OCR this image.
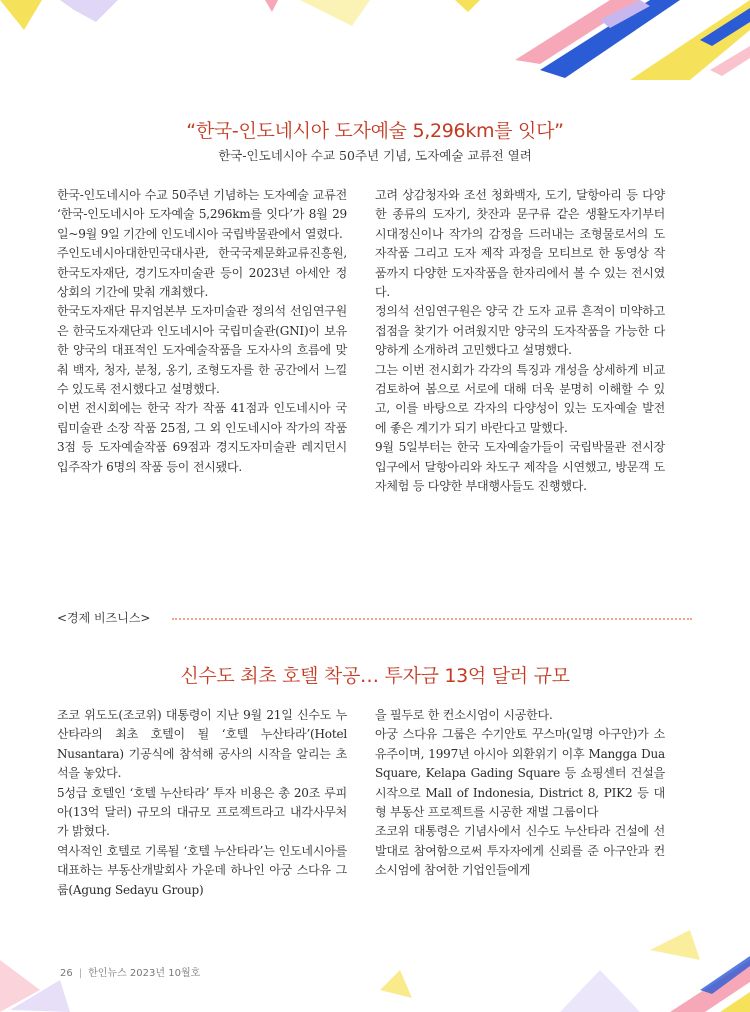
“한국-인도네시아 도자예술 5,296km를 잇다”
한국-인도네시아 수교 50주년 기념, 도자예술 교류전 열려

한국-인도네시아 수교 50주년 기념하는 도자예술 교류전 ‘한국-인도네시아 도자예술 5,296km를 잇다’가 8월 29일~9월 9일 기간에 인도네시아 국립박물관에서 열렸다.

주인도네시아대한민국대사관, 한국국제문화교류진흥원, 한국도자재단, 경기도자미술관 등이 2023년 아세안 정상회의 기간에 맞춰 개최했다.

한국도자재단 뮤지엄본부 도자미술관 정의석 선임연구원은 한국도자재단과 인도네시아 국립미술관(GNI)이 보유한 양국의 대표적인 도자예술작품을 도자사의 흐름에 맞춰 백자, 청자, 분청, 옹기, 조형도자를 한 공간에서 느낄 수 있도록 전시했다고 설명했다.

이번 전시회에는 한국 작가 작품 41점과 인도네시아 국립미술관 소장 작품 25점, 그 외 인도네시아 작가의 작품 3점 등 도자예술작품 69점과 경지도자미술관 레지던시 입주작가 6명의 작품 등이 전시됐다.

고려 상감청자와 조선 청화백자, 도기, 달항아리 등 다양한 종류의 도자기, 찻잔과 문구류 같은 생활도자기부터 시대정신이나 작가의 감정을 드러내는 조형물로서의 도자작품 그리고 도자 제작 과정을 모티브로 한 동영상 작품까지 다양한 도자작품을 한자리에서 볼 수 있는 전시였다.

정의석 선임연구원은 양국 간 도자 교류 흔적이 미약하고 접점을 찾기가 어려웠지만 양국의 도자작품을 가능한 다양하게 소개하려 고민했다고 설명했다.

그는 이번 전시회가 각각의 특징과 개성을 상세하게 비교 검토하여 봄으로 서로에 대해 더욱 분명히 이해할 수 있고, 이를 바탕으로 각자의 다양성이 있는 도자예술 발전에 좋은 계기가 되기 바란다고 말했다.

9월 5일부터는 한국 도자예술가들이 국립박물관 전시장 입구에서 달항아리와 차도구 제작을 시연했고, 방문객 도자체험 등 다양한 부대행사들도 진행했다.

<경제 비즈니스>
신수도 최초 호텔 착공… 투자금 13억 달러 규모

조코 위도도(조코위) 대통령이 지난 9월 21일 신수도 누산타라의 최초 호텔이 될 ‘호텔 누산타라’(Hotel Nusantara) 기공식에 참석해 공사의 시작을 알리는 초석을 놓았다.

5성급 호텔인 ‘호텔 누산타라’ 투자 비용은 총 20조 루피아(13억 달러) 규모의 대규모 프로젝트라고 내각사무처가 밝혔다.

역사적인 호텔로 기록될 ‘호텔 누산타라’는 인도네시아를 대표하는 부동산개발회사 가운데 하나인 아궁 스다유 그룹(Agung Sedayu Group)

을 필두로 한 컨소시엄이 시공한다.

아궁 스다유 그룹은 수기안토 꾸스마(일명 아구안)가 소유주이며, 1997년 아시아 외환위기 이후 Mangga Dua Square, Kelapa Gading Square 등 쇼핑센터 건설을 시작으로 Mall of Indonesia, District 8, PIK2 등 대형 부동산 프로젝트를 시공한 재벌 그룹이다

조코위 대통령은 기념사에서 신수도 누산타라 건설에 선발대로 참여함으로써 투자자에게 신뢰를 준 아구안과 컨소시엄에 참여한 기업인들에게

26 | 한인뉴스 2023년 10월호
